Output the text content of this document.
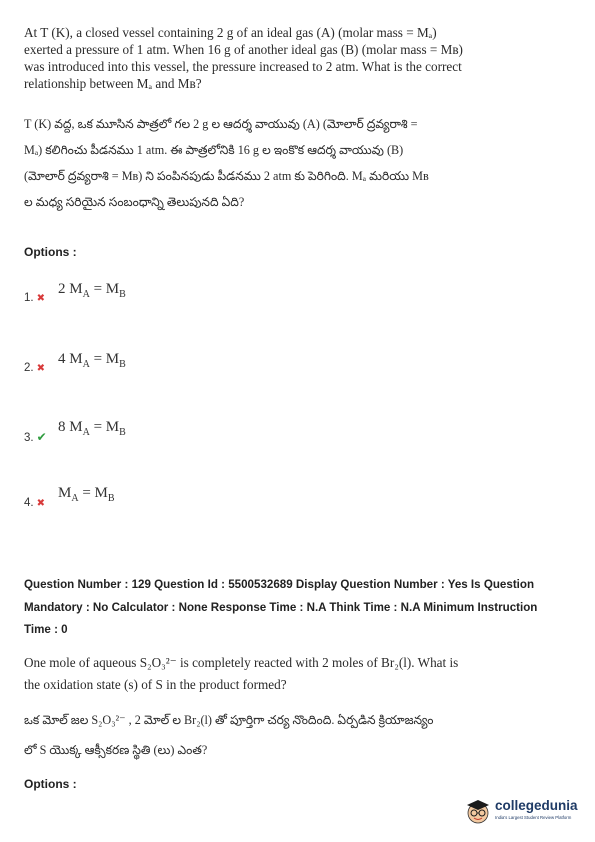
At T (K), a closed vessel containing 2 g of an ideal gas (A) (molar mass = Mₐ)
exerted a pressure of 1 atm. When 16 g of another ideal gas (B) (molar mass = Mʙ)
was introduced into this vessel, the pressure increased to 2 atm. What is the correct
relationship between Mₐ and Mʙ?
T (K) వద్ద, ఒక మూసిన పాత్రలో గల 2 g ల ఆదర్శ వాయువు (A) (మోలార్ ద్రవ్యరాశి =
Mₐ) కలిగించు పీడనము 1 atm. ఈ పాత్రలోనికి 16 g ల ఇంకొక ఆదర్శ వాయువు (B)
(మోలార్ ద్రవ్యరాశి = Mʙ) ని పంపినపుడు పీడనము 2 atm కు పెరిగింది. Mₐ మరియు Mʙ
ల మధ్య సరియైన సంబంధాన్ని తెలుపునది ఏది?
Options :
2 $M_A = M_B$
1. ✖
4 $M_A = M_B$
2. ✖
8 $M_A = M_B$
3. ✔
$M_A = M_B$
4. ✖
Question Number : 129 Question Id : 5500532689 Display Question Number : Yes Is Question
Mandatory : No Calculator : None Response Time : N.A Think Time : N.A Minimum Instruction
Time : 0
One mole of aqueous S₂O₃²⁻ is completely reacted with 2 moles of Br₂(l). What is
the oxidation state (s) of S in the product formed?
ఒక మోల్ జల S₂O₃²⁻ , 2 మోల్ ల Br₂(l) తో పూర్తిగా చర్య నొందింది. ఏర్పడిన క్రియాజన్యం
లో S యొక్క ఆక్సీకరణ స్థితి (లు) ఎంత?
Options :
collegedunia
India's Largest Student Review Platform
